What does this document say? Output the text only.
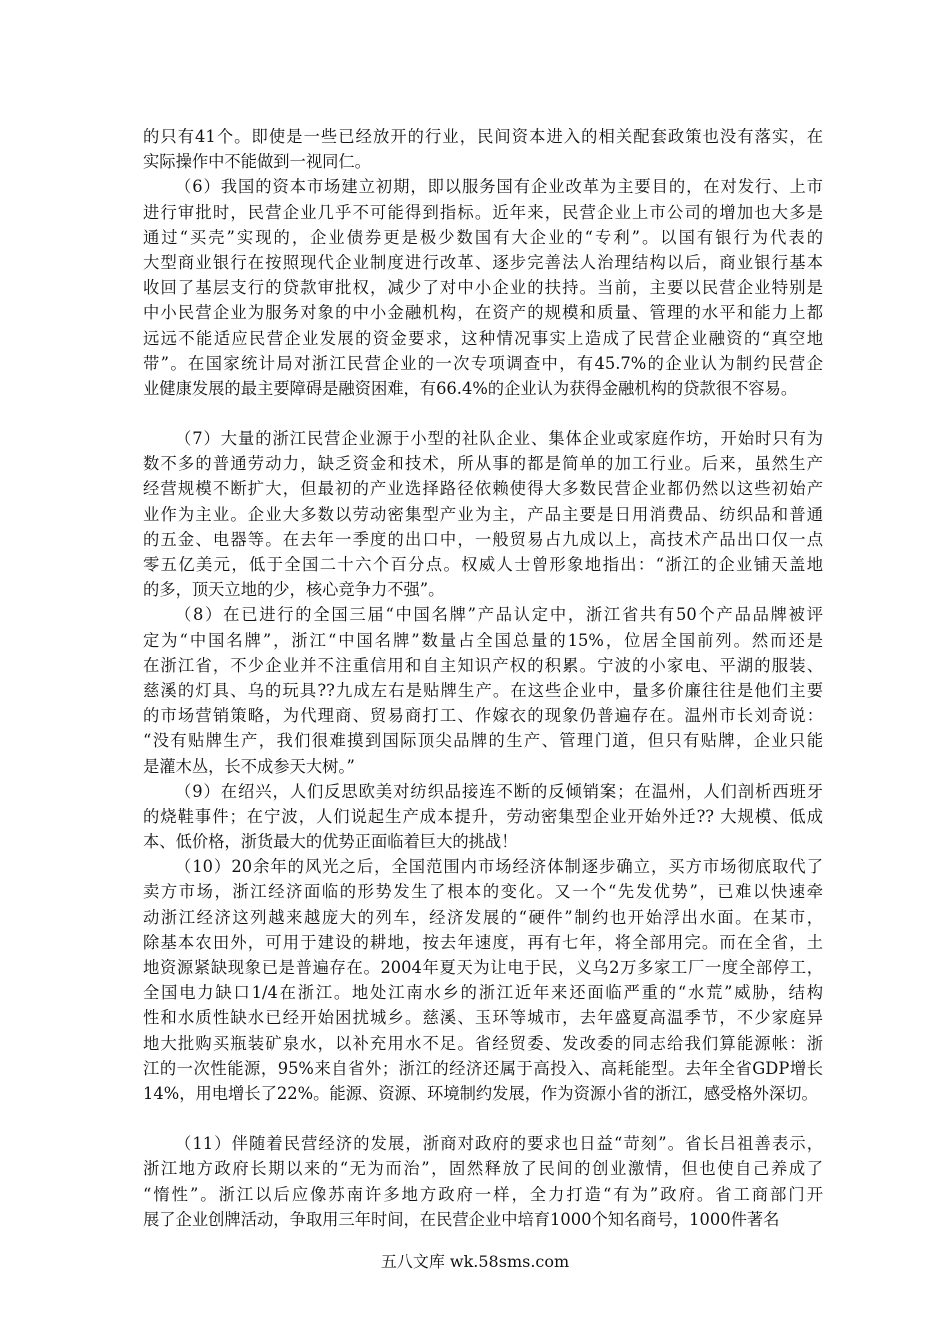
的只有41个。即使是一些已经放开的行业，民间资本进入的相关配套政策也没有落实，在
实际操作中不能做到一视同仁。
（6）我国的资本市场建立初期，即以服务国有企业改革为主要目的，在对发行、上市
进行审批时，民营企业几乎不可能得到指标。近年来，民营企业上市公司的增加也大多是
通过“买壳”实现的，企业债券更是极少数国有大企业的“专利”。以国有银行为代表的
大型商业银行在按照现代企业制度进行改革、逐步完善法人治理结构以后，商业银行基本
收回了基层支行的贷款审批权，减少了对中小企业的扶持。当前，主要以民营企业特别是
中小民营企业为服务对象的中小金融机构，在资产的规模和质量、管理的水平和能力上都
远远不能适应民营企业发展的资金要求，这种情况事实上造成了民营企业融资的“真空地
带”。在国家统计局对浙江民营企业的一次专项调查中，有45.7%的企业认为制约民营企
业健康发展的最主要障碍是融资困难，有66.4%的企业认为获得金融机构的贷款很不容易。
（7）大量的浙江民营企业源于小型的社队企业、集体企业或家庭作坊，开始时只有为
数不多的普通劳动力，缺乏资金和技术，所从事的都是简单的加工行业。后来，虽然生产
经营规模不断扩大，但最初的产业选择路径依赖使得大多数民营企业都仍然以这些初始产
业作为主业。企业大多数以劳动密集型产业为主，产品主要是日用消费品、纺织品和普通
的五金、电器等。在去年一季度的出口中，一般贸易占九成以上，高技术产品出口仅一点
零五亿美元，低于全国二十六个百分点。权威人士曾形象地指出：“浙江的企业铺天盖地
的多，顶天立地的少，核心竞争力不强”。
（8）在已进行的全国三届“中国名牌”产品认定中，浙江省共有50个产品品牌被评
定为“中国名牌”，浙江“中国名牌”数量占全国总量的15%，位居全国前列。然而还是
在浙江省，不少企业并不注重信用和自主知识产权的积累。宁波的小家电、平湖的服装、
慈溪的灯具、乌的玩具??九成左右是贴牌生产。在这些企业中，量多价廉往往是他们主要
的市场营销策略，为代理商、贸易商打工、作嫁衣的现象仍普遍存在。温州市长刘奇说：
“没有贴牌生产，我们很难摸到国际顶尖品牌的生产、管理门道，但只有贴牌，企业只能
是灌木丛，长不成参天大树。”
（9）在绍兴，人们反思欧美对纺织品接连不断的反倾销案；在温州，人们剖析西班牙
的烧鞋事件；在宁波，人们说起生产成本提升，劳动密集型企业开始外迁?? 大规模、低成
本、低价格，浙货最大的优势正面临着巨大的挑战！
（10）20余年的风光之后，全国范围内市场经济体制逐步确立，买方市场彻底取代了
卖方市场，浙江经济面临的形势发生了根本的变化。又一个“先发优势”，已难以快速牵
动浙江经济这列越来越庞大的列车，经济发展的“硬件”制约也开始浮出水面。在某市，
除基本农田外，可用于建设的耕地，按去年速度，再有七年，将全部用完。而在全省，土
地资源紧缺现象已是普遍存在。2004年夏天为让电于民，义乌2万多家工厂一度全部停工，
全国电力缺口1/4在浙江。地处江南水乡的浙江近年来还面临严重的“水荒”威胁，结构
性和水质性缺水已经开始困扰城乡。慈溪、玉环等城市，去年盛夏高温季节，不少家庭异
地大批购买瓶装矿泉水，以补充用水不足。省经贸委、发改委的同志给我们算能源帐：浙
江的一次性能源，95%来自省外；浙江的经济还属于高投入、高耗能型。去年全省GDP增长
14%，用电增长了22%。能源、资源、环境制约发展，作为资源小省的浙江，感受格外深切。
（11）伴随着民营经济的发展，浙商对政府的要求也日益“苛刻”。省长吕祖善表示，
浙江地方政府长期以来的“无为而治”，固然释放了民间的创业激情，但也使自己养成了
“惰性”。浙江以后应像苏南许多地方政府一样，全力打造“有为”政府。省工商部门开
展了企业创牌活动，争取用三年时间，在民营企业中培育1000个知名商号，1000件著名
五八文库 wk.58sms.com
